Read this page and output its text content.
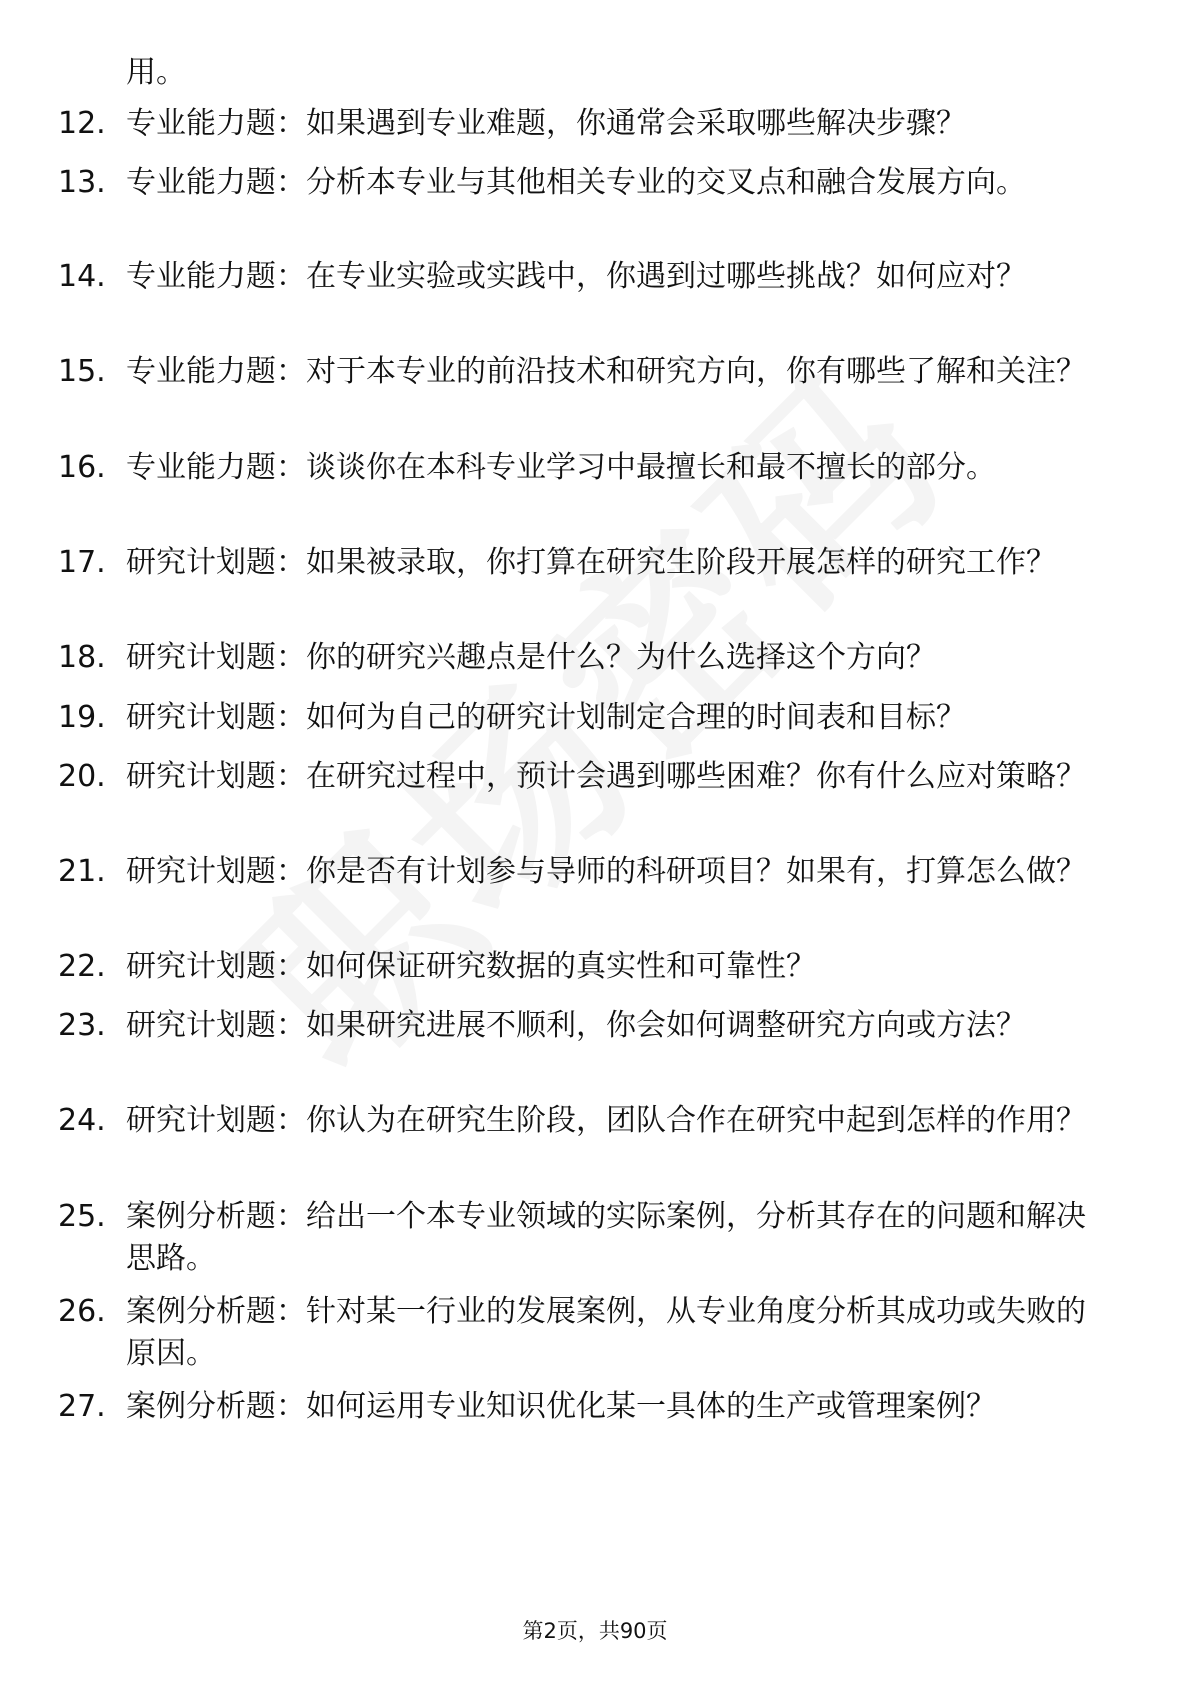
用。
12. 专业能力题：如果遇到专业难题，你通常会采取哪些解决步骤？
13. 专业能力题：分析本专业与其他相关专业的交叉点和融合发展方向。
14. 专业能力题：在专业实验或实践中，你遇到过哪些挑战？如何应对？
15. 专业能力题：对于本专业的前沿技术和研究方向，你有哪些了解和关注？
16. 专业能力题：谈谈你在本科专业学习中最擅长和最不擅长的部分。
17. 研究计划题：如果被录取，你打算在研究生阶段开展怎样的研究工作？
18. 研究计划题：你的研究兴趣点是什么？为什么选择这个方向？
19. 研究计划题：如何为自己的研究计划制定合理的时间表和目标？
20. 研究计划题：在研究过程中，预计会遇到哪些困难？你有什么应对策略？
21. 研究计划题：你是否有计划参与导师的科研项目？如果有，打算怎么做？
22. 研究计划题：如何保证研究数据的真实性和可靠性？
23. 研究计划题：如果研究进展不顺利，你会如何调整研究方向或方法？
24. 研究计划题：你认为在研究生阶段，团队合作在研究中起到怎样的作用？
25. 案例分析题：给出一个本专业领域的实际案例，分析其存在的问题和解决思路。
26. 案例分析题：针对某一行业的发展案例，从专业角度分析其成功或失败的原因。
27. 案例分析题：如何运用专业知识优化某一具体的生产或管理案例？
第2页，共90页
